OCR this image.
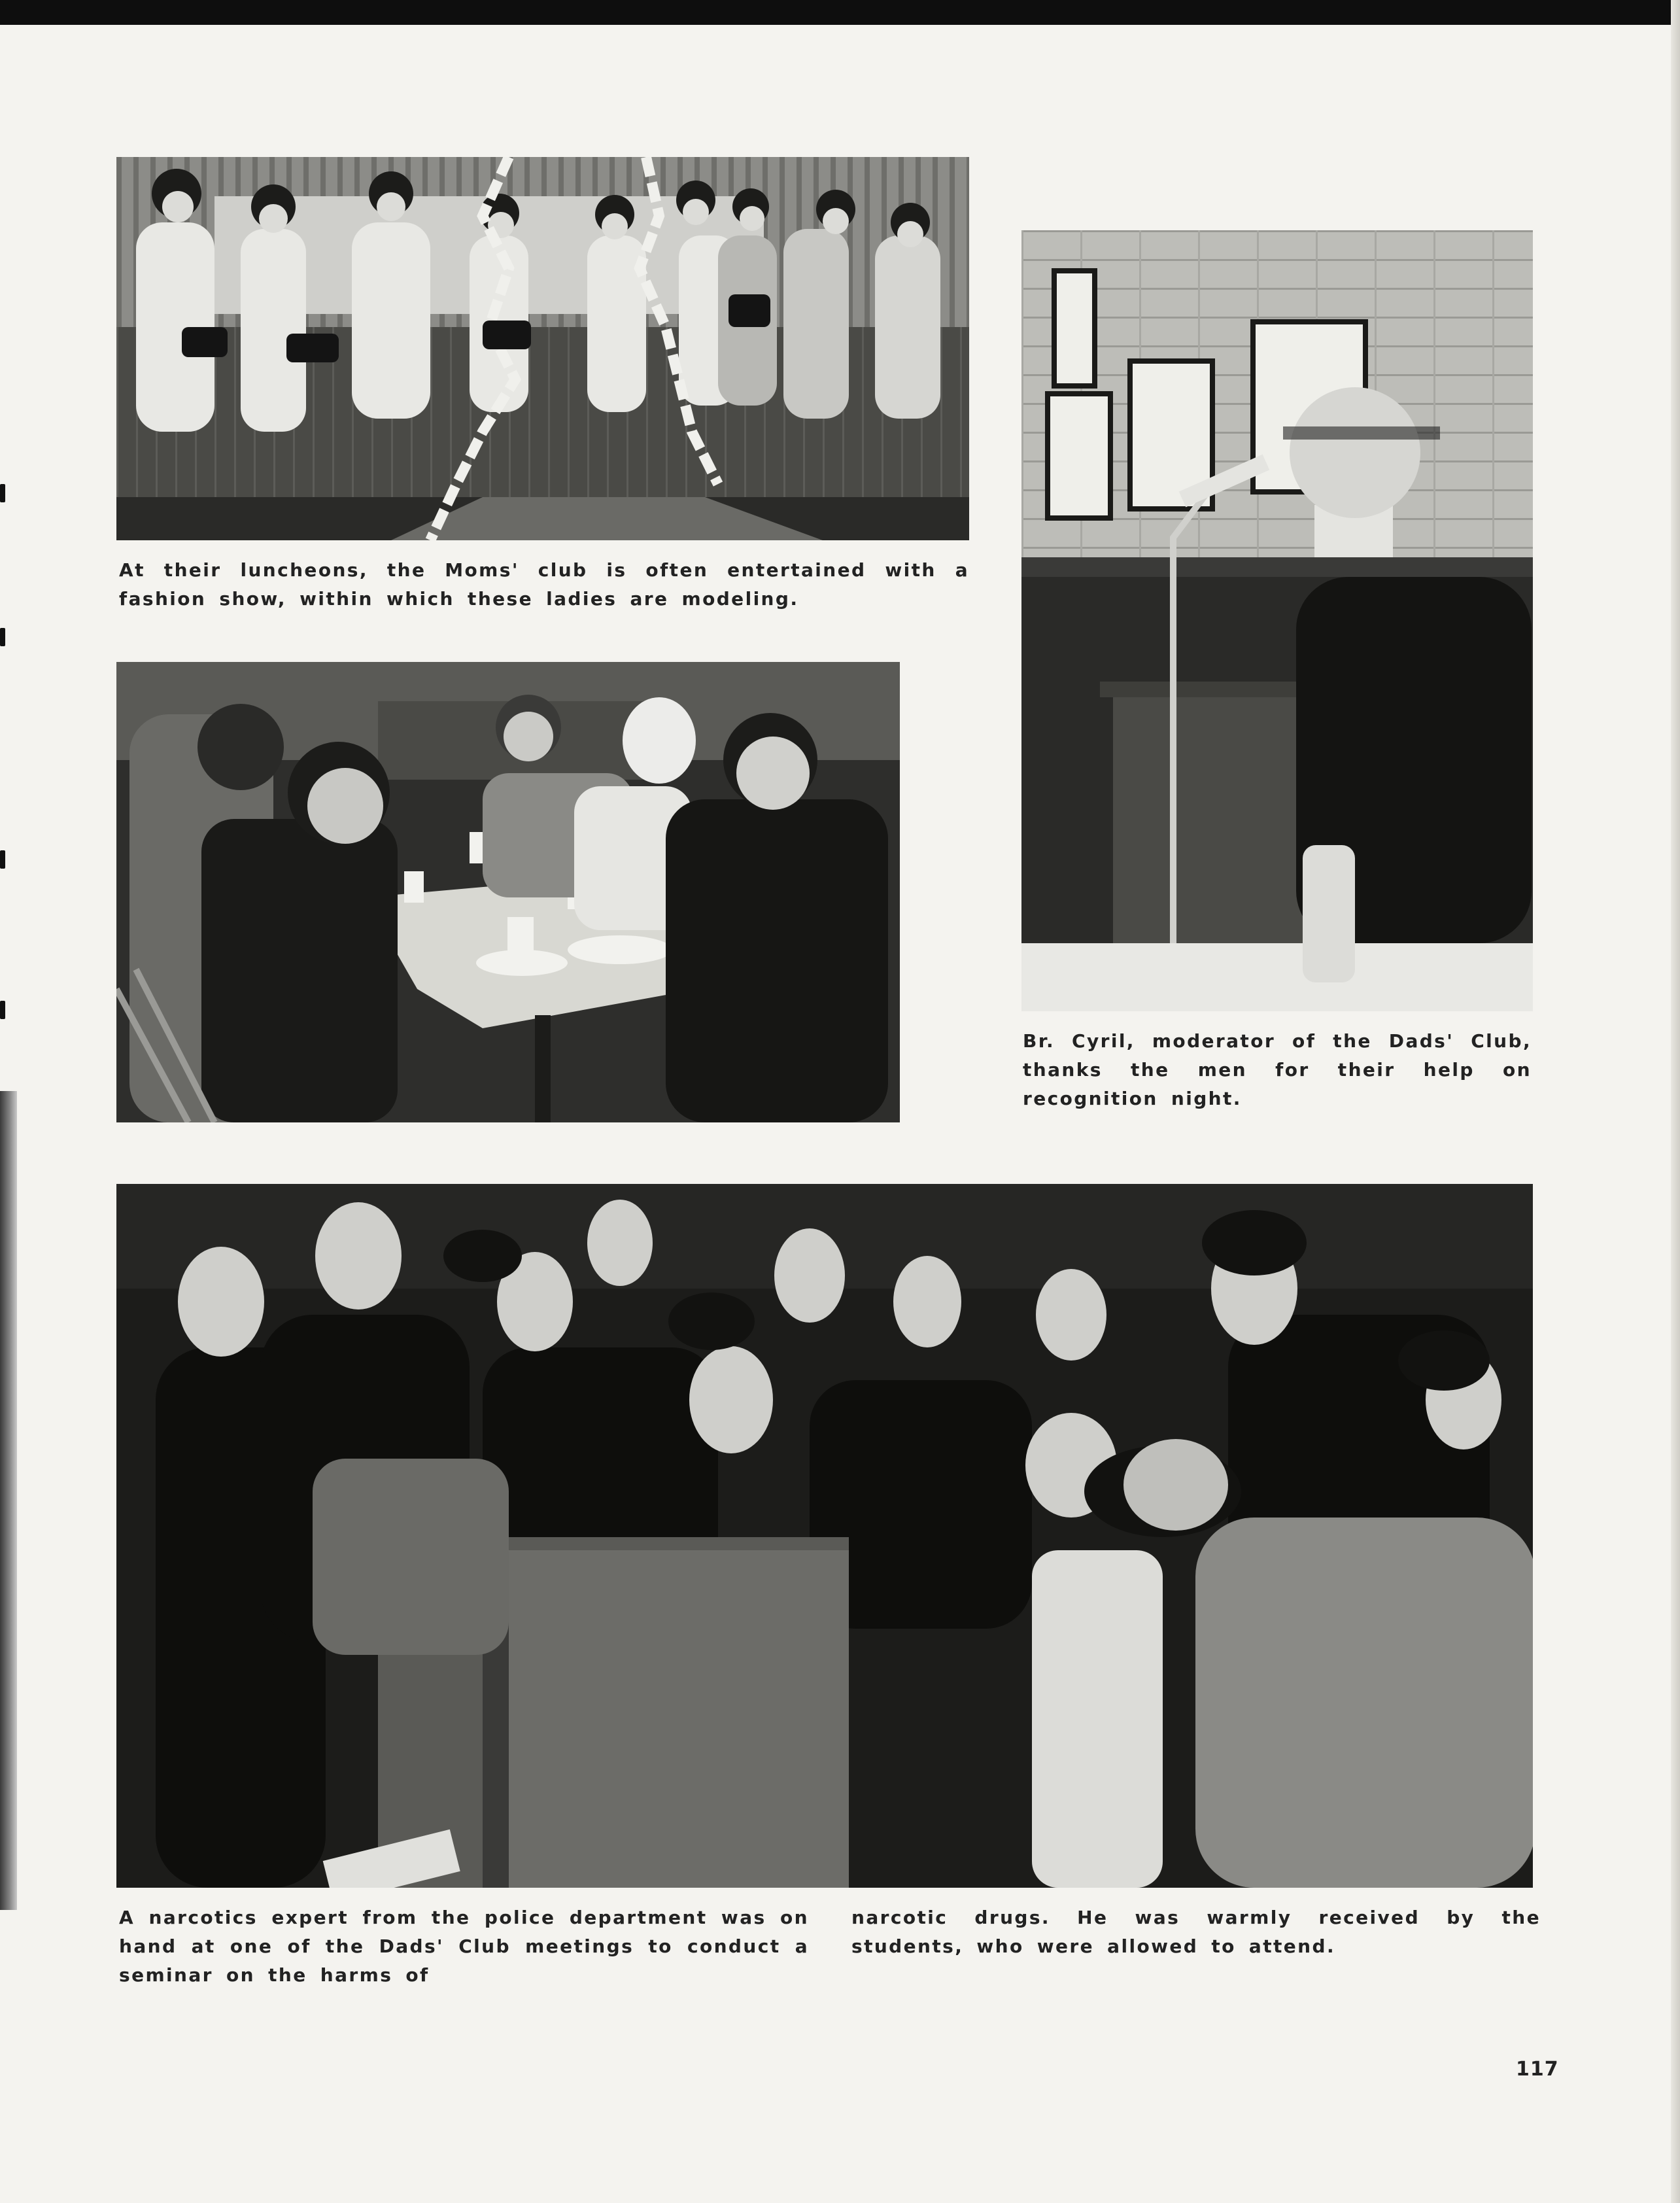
At their luncheons, the Moms' club is often entertained with a fashion show, within which these ladies are modeling.

Br. Cyril, moderator of the Dads' Club, thanks the men for their help on recognition night.

A narcotics expert from the police department was on hand at one of the Dads' Club meetings to conduct a seminar on the harms of

narcotic drugs. He was warmly received by the students, who were allowed to attend.

117
